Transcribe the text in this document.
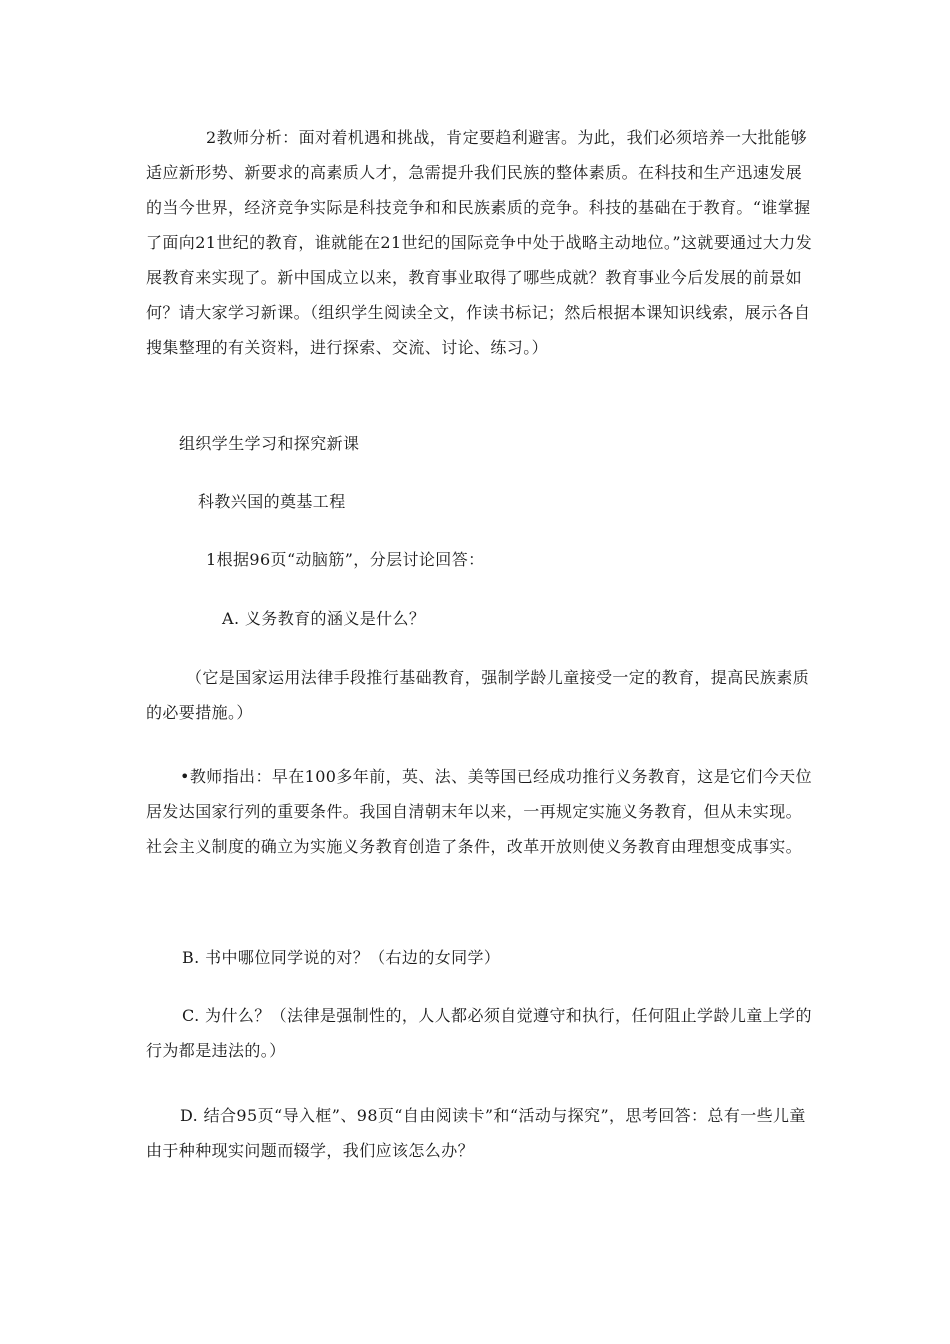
2教师分析：面对着机遇和挑战，肯定要趋利避害。为此，我们必须培养一大批能够适应新形势、新要求的高素质人才，急需提升我们民族的整体素质。在科技和生产迅速发展的当今世界，经济竞争实际是科技竞争和和民族素质的竞争。科技的基础在于教育。“谁掌握了面向21世纪的教育，谁就能在21世纪的国际竞争中处于战略主动地位。”这就要通过大力发展教育来实现了。新中国成立以来，教育事业取得了哪些成就？教育事业今后发展的前景如何？请大家学习新课。（组织学生阅读全文，作读书标记；然后根据本课知识线索，展示各自搜集整理的有关资料，进行探索、交流、讨论、练习。）

组织学生学习和探究新课

科教兴国的奠基工程

1根据96页“动脑筋”，分层讨论回答：

A. 义务教育的涵义是什么？

（它是国家运用法律手段推行基础教育，强制学龄儿童接受一定的教育，提高民族素质的必要措施。）

•教师指出：早在100多年前，英、法、美等国已经成功推行义务教育，这是它们今天位居发达国家行列的重要条件。我国自清朝末年以来，一再规定实施义务教育，但从未实现。社会主义制度的确立为实施义务教育创造了条件，改革开放则使义务教育由理想变成事实。

B. 书中哪位同学说的对？（右边的女同学）

C. 为什么？（法律是强制性的，人人都必须自觉遵守和执行，任何阻止学龄儿童上学的行为都是违法的。）

D. 结合95页“导入框”、98页“自由阅读卡”和“活动与探究”，思考回答：总有一些儿童由于种种现实问题而辍学，我们应该怎么办？
